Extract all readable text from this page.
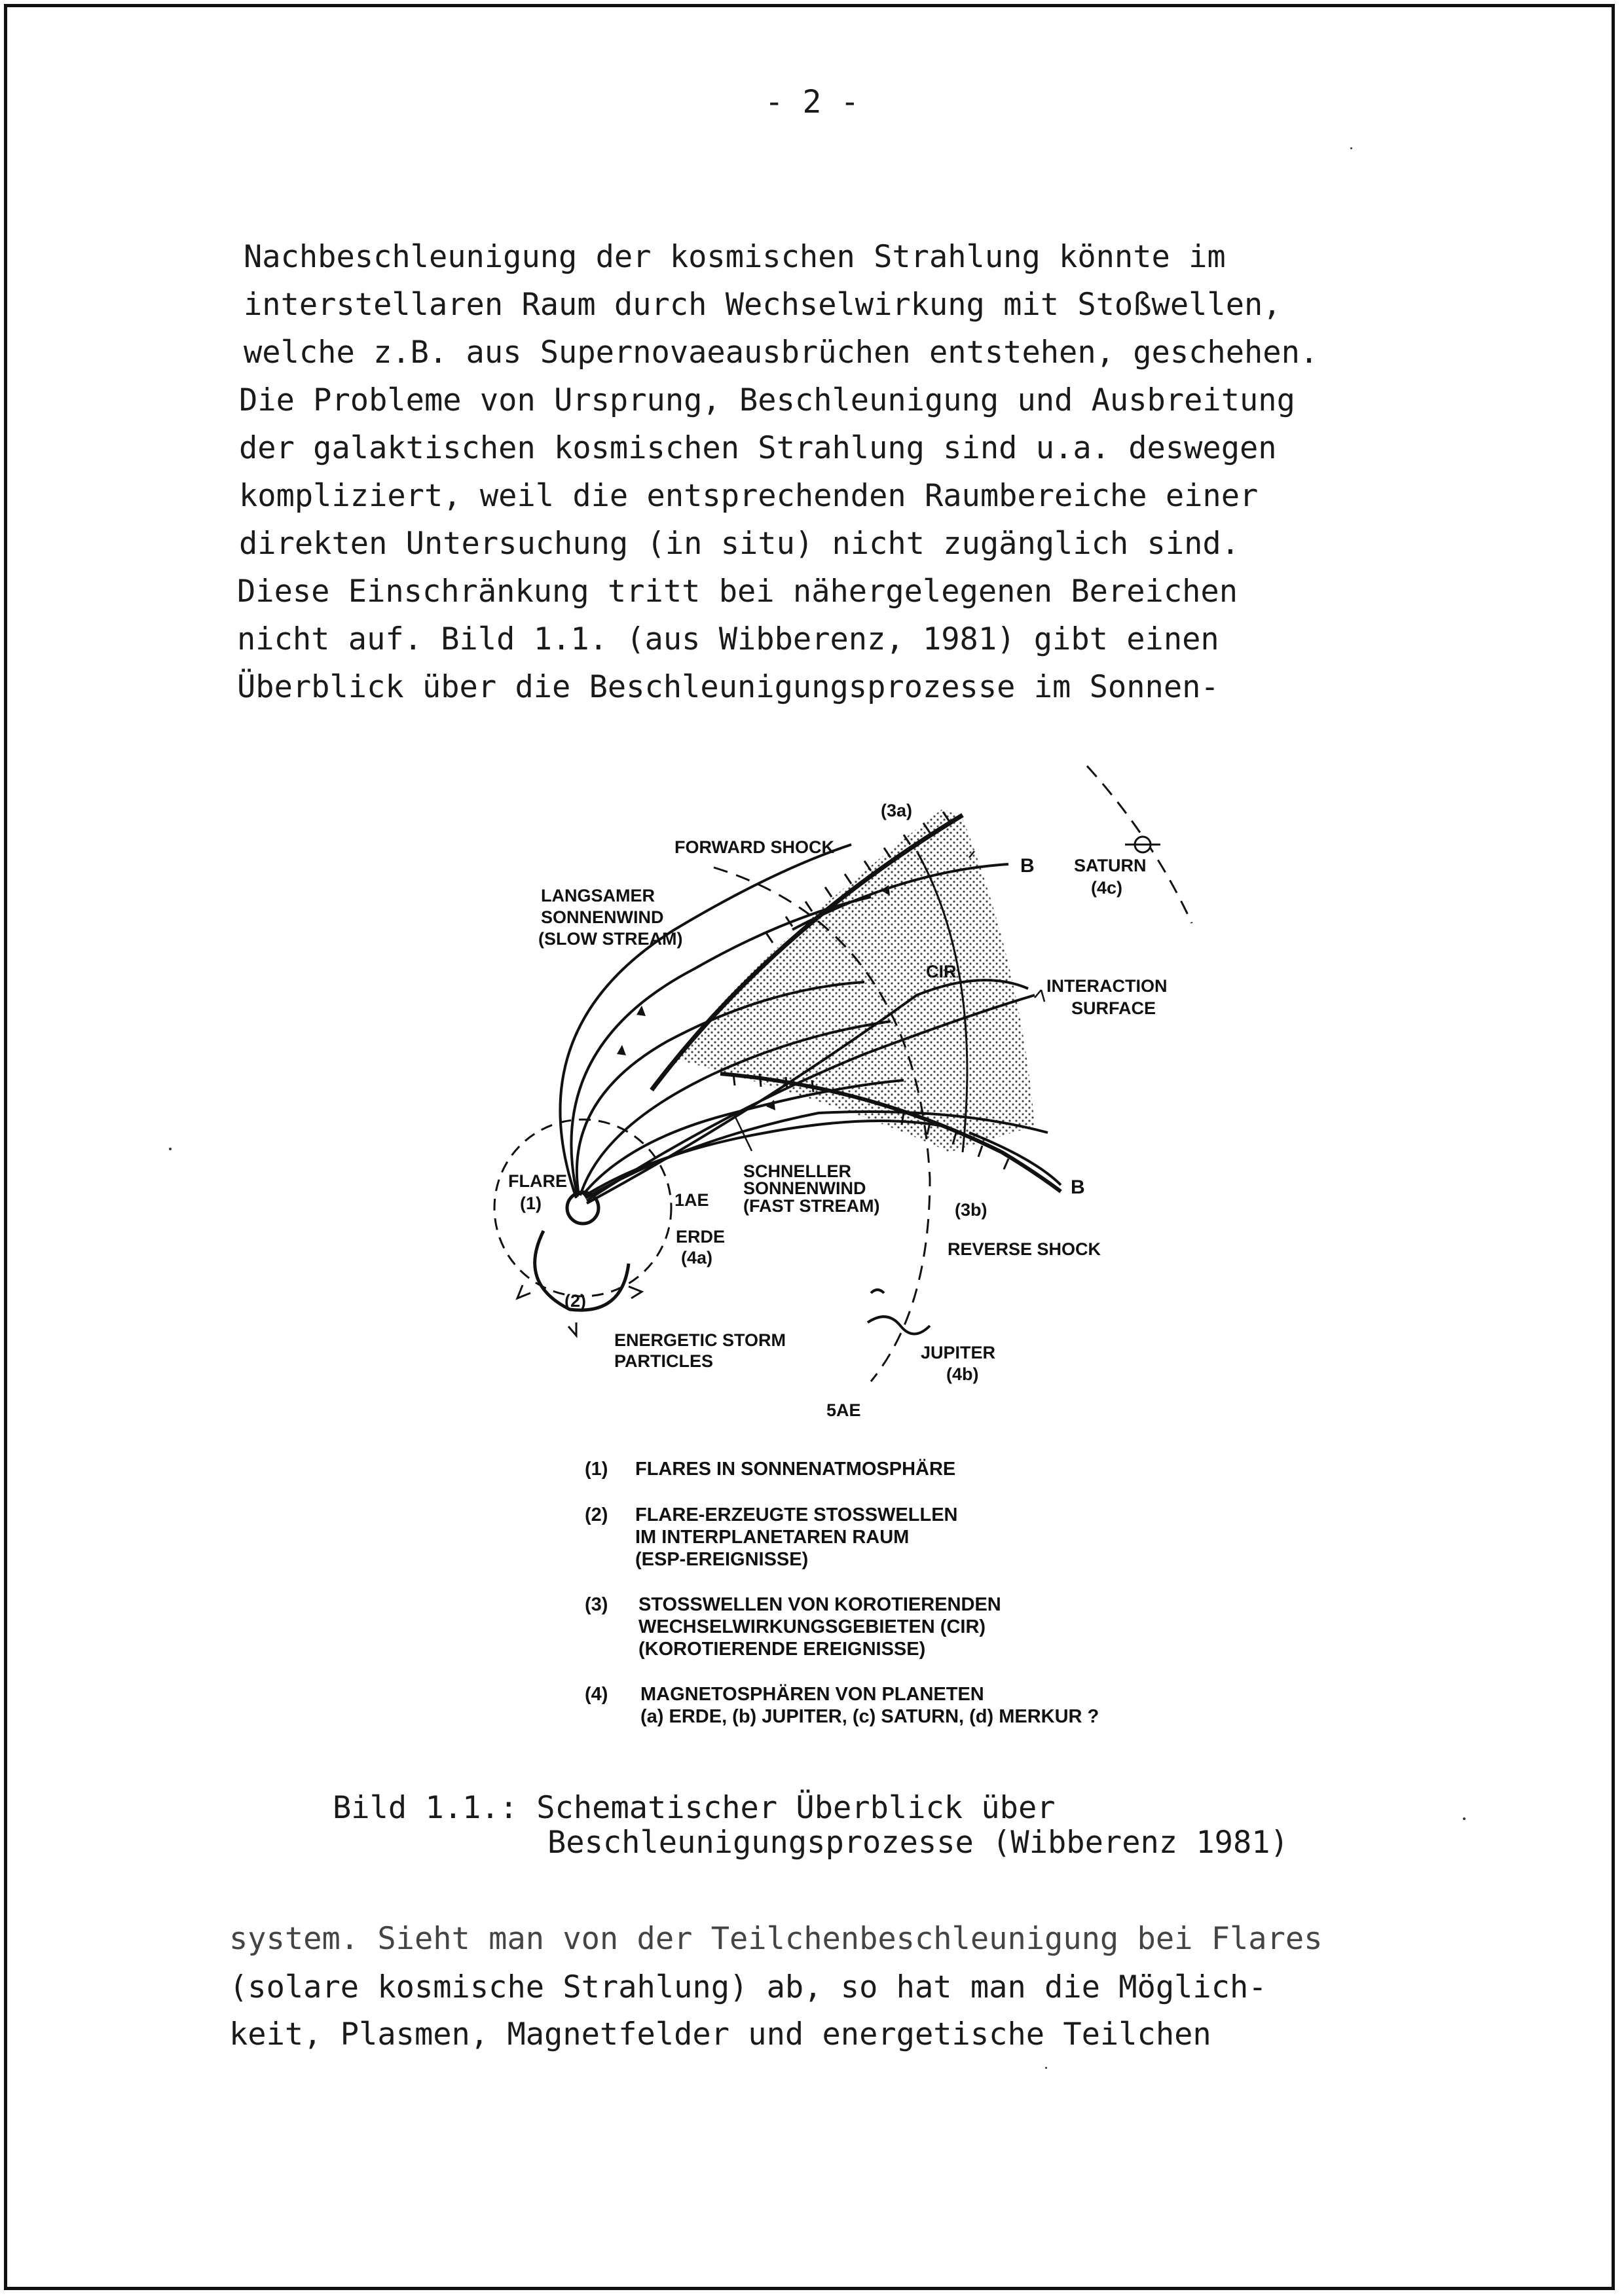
- 2 -
Nachbeschleunigung der kosmischen Strahlung könnte im
interstellaren Raum durch Wechselwirkung mit Stoßwellen,
welche z.B. aus Supernovaeausbrüchen entstehen, geschehen.
Die Probleme von Ursprung, Beschleunigung und Ausbreitung
der galaktischen kosmischen Strahlung sind u.a. deswegen
kompliziert, weil die entsprechenden Raumbereiche einer
direkten Untersuchung (in situ) nicht zugänglich sind.
Diese Einschränkung tritt bei nähergelegenen Bereichen
nicht auf. Bild 1.1. (aus Wibberenz, 1981) gibt einen
Überblick über die Beschleunigungsprozesse im Sonnen-
(3a)
FORWARD SHOCK
B SATURN
(4c)
LANGSAMER
SONNENWIND
(SLOW STREAM)
CIR
INTERACTION
SURFACE
FLARE
(1)	1AE
ERDE
(4a)
SCHNELLER
SONNENWIND
(FAST STREAM)	(3b)
B
REVERSE SHOCK
(2)
ENERGETIC STORM
PARTICLES	JUPITER
(4b)
5AE
(1) FLARES IN SONNENATMOSPHÄRE
(2) FLARE-ERZEUGTE STOSSWELLEN
IM INTERPLANETAREN RAUM
(ESP-EREIGNISSE)
(3) STOSSWELLEN VON KOROTIERENDEN
WECHSELWIRKUNGSGEBIETEN (CIR)
(KOROTIERENDE EREIGNISSE)
(4) MAGNETOSPHÄREN VON PLANETEN
(a) ERDE, (b) JUPITER, (c) SATURN, (d) MERKUR ?
Bild 1.1.: Schematischer Überblick über
Beschleunigungsprozesse (Wibberenz 1981)
system. Sieht man von der Teilchenbeschleunigung bei Flares
(solare kosmische Strahlung) ab, so hat man die Möglich-
keit, Plasmen, Magnetfelder und energetische Teilchen
